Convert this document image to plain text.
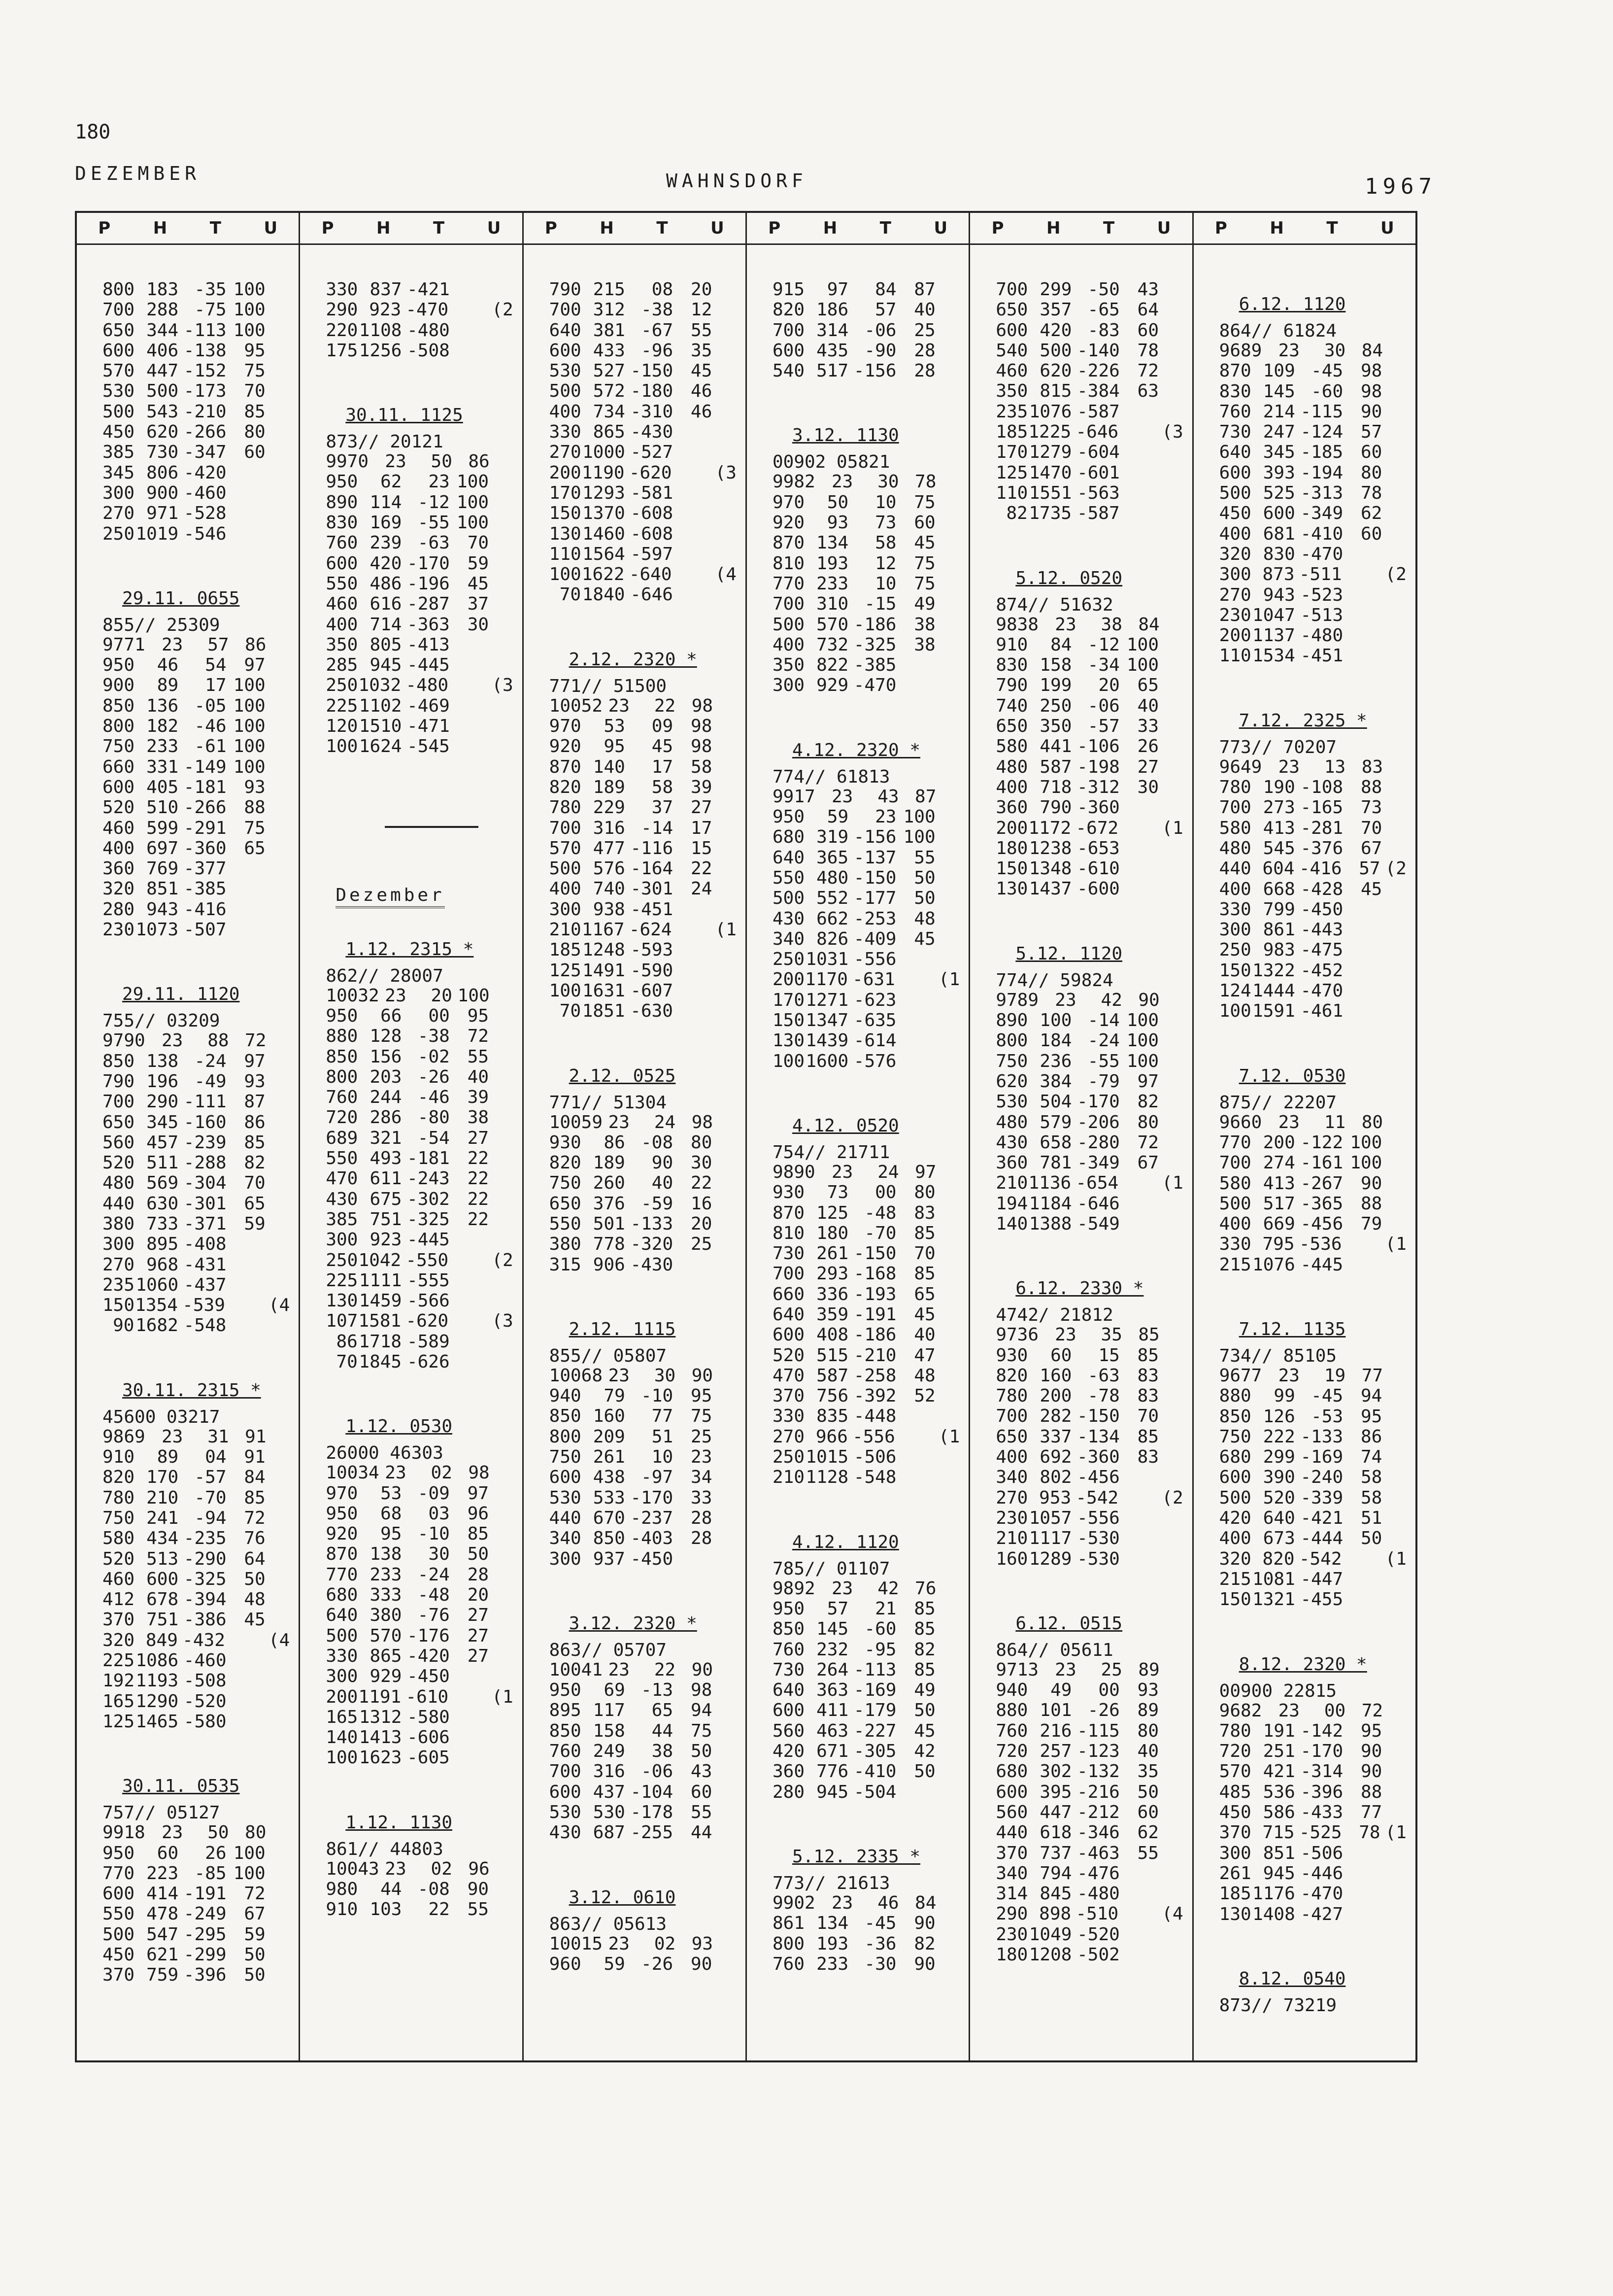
180
DEZEMBER	WAHNSDORF	1967
P	H	T	U
800 183 -35 100
700 288 -75 100
650 344 -113 100
600 406 -138 95
570 447 -152 75
530 500 -173 70
500 543 -210 85
450 620 -266 80
385 730 -347 60
345 806 -420
300 900 -460
270 971 -528
250 1019 -546
29.11. 0655
855// 25309
9771 23	57 86
950	46	54 97
900	89	17 100
850 136 -05 100
800 182 -46 100
750 233 -61 100
660 331 -149 100
600 405 -181 93
520 510 -266 88
460 599 -291 75
400 697 -360 65
360 769 -377
320 851 -385
280 943 -416
230 1073 -507
29.11. 1120
755// 03209
9790 23	88 72
850 138 -24 97
790 196 -49 93
700 290 -111 87
650 345 -160 86
560 457 -239 85
520 511 -288 82
480 569 -304 70
440 630 -301 65
380 733 -371 59
300 895 -408
270 968 -431
235 1060 -437
150 1354 -539 (4
90 1682 -548
30.11. 2315 *
45600 03217
9869 23	31 91
910	89	04 91
820 170 -57 84
780 210 -70 85
750 241 -94 72
580 434 -235 76
520 513 -290 64
460 600 -325 50
412 678 -394 48
370 751 -386 45
320 849 -432 (4
225 1086 -460
192 1193 -508
165 1290 -520
125 1465 -580
30.11. 0535
757// 05127
9918 23	50 80
950	60	26 100
770 223 -85 100
600 414 -191 72
550 478 -249 67
500 547 -295 59
450 621 -299 50
370 759 -396 50
P	H	T	U
330 837 -421
290 923 -470 (2
220 1108 -480
175 1256 -508
30.11. 1125
873// 20121
9970 23	50 86
950	62	23 100
890 114 -12 100
830 169 -55 100
760 239 -63 70
600 420 -170 59
550 486 -196 45
460 616 -287 37
400 714 -363 30
350 805 -413
285 945 -445
250 1032 -480 (3
225 1102 -469
120 1510 -471
100 1624 -545
Dezember
1.12. 2315 *
862// 28007
10032 23	20 100
950	66	00 95
880 128 -38 72
850 156 -02 55
800 203 -26 40
760 244 -46 39
720 286 -80 38
689 321 -54 27
550 493 -181 22
470 611 -243 22
430 675 -302 22
385 751 -325 22
300 923 -445
250 1042 -550 (2
225 1111 -555
130 1459 -566
107 1581 -620 (3
86 1718 -589
70 1845 -626
1.12. 0530
26000 46303
10034 23	02 98
970	53 -09 97
950	68	03 96
920	95 -10 85
870 138	30 50
770 233 -24 28
680 333 -48 20
640 380 -76 27
500 570 -176 27
330 865 -420 27
300 929 -450
200 1191 -610 (1
165 1312 -580
140 1413 -606
100 1623 -605
1.12. 1130
861// 44803
10043 23	02 96
980	44 -08 90
910 103	22 55
P	H	T	U
790 215	08 20
700 312 -38 12
640 381 -67 55
600 433 -96 35
530 527 -150 45
500 572 -180 46
400 734 -310 46
330 865 -430
270 1000 -527
200 1190 -620 (3
170 1293 -581
150 1370 -608
130 1460 -608
110 1564 -597
100 1622 -640 (4
70 1840 -646
2.12. 2320 *
771// 51500
10052 23	22 98
970	53	09 98
920	95	45 98
870 140	17 58
820 189	58 39
780 229	37 27
700 316 -14 17
570 477 -116 15
500 576 -164 22
400 740 -301 24
300 938 -451
210 1167 -624 (1
185 1248 -593
125 1491 -590
100 1631 -607
70 1851 -630
2.12. 0525
771// 51304
10059 23	24 98
930	86 -08 80
820 189	90 30
750 260	40 22
650 376 -59 16
550 501 -133 20
380 778 -320 25
315 906 -430
2.12. 1115
855// 05807
10068 23	30 90
940	79 -10 95
850 160	77 75
800 209	51 25
750 261	10 23
600 438 -97 34
530 533 -170 33
440 670 -237 28
340 850 -403 28
300 937 -450
3.12. 2320 *
863// 05707
10041 23	22 90
950	69 -13 98
895 117	65 94
850 158	44 75
760 249	38 50
700 316 -06 43
600 437 -104 60
530 530 -178 55
430 687 -255 44
3.12. 0610
863// 05613
10015 23	02 93
960	59 -26 90
P	H	T	U
915	97	84 87
820 186	57 40
700 314 -06 25
600 435 -90 28
540 517 -156 28
3.12. 1130
00902 05821
9982 23	30 78
970	50	10 75
920	93	73 60
870 134	58 45
810 193	12 75
770 233	10 75
700 310 -15 49
500 570 -186 38
400 732 -325 38
350 822 -385
300 929 -470
4.12. 2320 *
774// 61813
9917 23	43 87
950	59	23 100
680 319 -156 100
640 365 -137 55
550 480 -150 50
500 552 -177 50
430 662 -253 48
340 826 -409 45
250 1031 -556
200 1170 -631 (1
170 1271 -623
150 1347 -635
130 1439 -614
100 1600 -576
4.12. 0520
754// 21711
9890 23	24 97
930	73	00 80
870 125 -48 83
810 180 -70 85
730 261 -150 70
700 293 -168 85
660 336 -193 65
640 359 -191 45
600 408 -186 40
520 515 -210 47
470 587 -258 48
370 756 -392 52
330 835 -448
270 966 -556 (1
250 1015 -506
210 1128 -548
4.12. 1120
785// 01107
9892 23	42 76
950	57	21 85
850 145 -60 85
760 232 -95 82
730 264 -113 85
640 363 -169 49
600 411 -179 50
560 463 -227 45
420 671 -305 42
360 776 -410 50
280 945 -504
5.12. 2335 *
773// 21613
9902 23	46 84
861 134 -45 90
800 193 -36 82
760 233 -30 90
P	H	T	U
700 299 -50 43
650 357 -65 64
600 420 -83 60
540 500 -140 78
460 620 -226 72
350 815 -384 63
235 1076 -587
185 1225 -646 (3
170 1279 -604
125 1470 -601
110 1551 -563
82 1735 -587
5.12. 0520
874// 51632
9838 23	38 84
910	84 -12 100
830 158 -34 100
790 199	20 65
740 250 -06 40
650 350 -57 33
580 441 -106 26
480 587 -198 27
400 718 -312 30
360 790 -360
200 1172 -672 (1
180 1238 -653
150 1348 -610
130 1437 -600
5.12. 1120
774// 59824
9789 23	42 90
890 100 -14 100
800 184 -24 100
750 236 -55 100
620 384 -79 97
530 504 -170 82
480 579 -206 80
430 658 -280 72
360 781 -349 67
210 1136 -654 (1
194 1184 -646
140 1388 -549
6.12. 2330 *
4742/ 21812
9736 23	35 85
930	60	15 85
820 160 -63 83
780 200 -78 83
700 282 -150 70
650 337 -134 85
400 692 -360 83
340 802 -456
270 953 -542 (2
230 1057 -556
210 1117 -530
160 1289 -530
6.12. 0515
864// 05611
9713 23	25 89
940	49	00 93
880 101 -26 89
760 216 -115 80
720 257 -123 40
680 302 -132 35
600 395 -216 50
560 447 -212 60
440 618 -346 62
370 737 -463 55
340 794 -476
314 845 -480
290 898 -510 (4
230 1049 -520
180 1208 -502
P	H	T	U
6.12. 1120
864// 61824
9689 23	30 84
870 109 -45 98
830 145 -60 98
760 214 -115 90
730 247 -124 57
640 345 -185 60
600 393 -194 80
500 525 -313 78
450 600 -349 62
400 681 -410 60
320 830 -470
300 873 -511 (2
270 943 -523
230 1047 -513
200 1137 -480
110 1534 -451
7.12. 2325 *
773// 70207
9649 23	13 83
780 190 -108 88
700 273 -165 73
580 413 -281 70
480 545 -376 67
440 604 -416 57 (2
400 668 -428 45
330 799 -450
300 861 -443
250 983 -475
150 1322 -452
124 1444 -470
100 1591 -461
7.12. 0530
875// 22207
9660 23	11 80
770 200 -122 100
700 274 -161 100
580 413 -267 90
500 517 -365 88
400 669 -456 79
330 795 -536 (1
215 1076 -445
7.12. 1135
734// 85105
9677 23	19 77
880	99 -45 94
850 126 -53 95
750 222 -133 86
680 299 -169 74
600 390 -240 58
500 520 -339 58
420 640 -421 51
400 673 -444 50
320 820 -542 (1
215 1081 -447
150 1321 -455
8.12. 2320 *
00900 22815
9682 23	00 72
780 191 -142 95
720 251 -170 90
570 421 -314 90
485 536 -396 88
450 586 -433 77
370 715 -525 78 (1
300 851 -506
261 945 -446
185 1176 -470
130 1408 -427
8.12. 0540
873// 73219
